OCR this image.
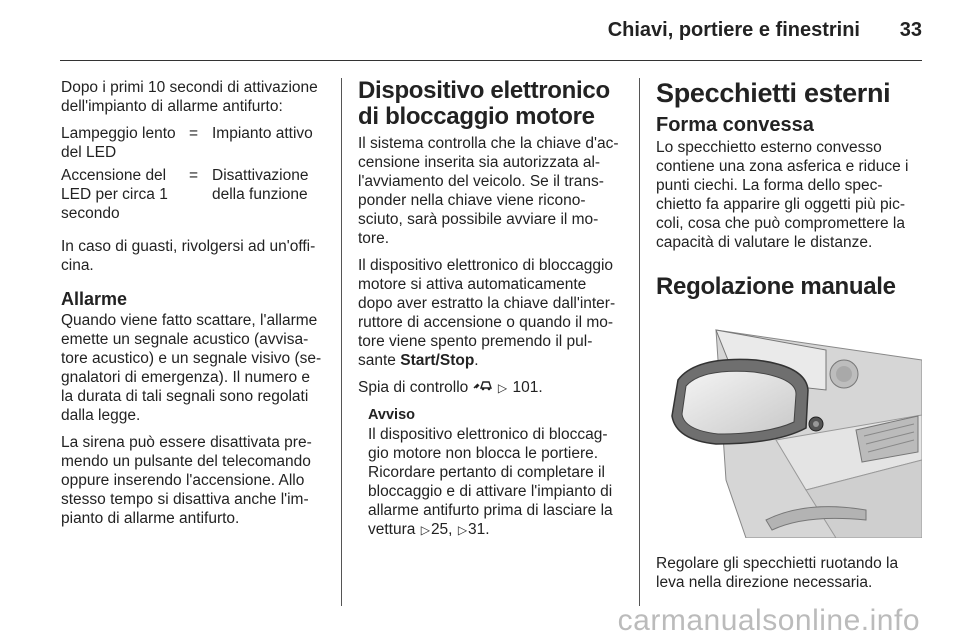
Chiavi, portiere e finestrini 33

Dopo i primi 10 secondi di attivazione dell'impianto di allarme antifurto:

Lampeggio lento del LED
= Impianto attivo
Accensione del LED per circa 1 secondo
= Disattivazione della funzione

In caso di guasti, rivolgersi ad un'offi-cina.

Allarme

Quando viene fatto scattare, l'allarme emette un segnale acustico (avvisa-tore acustico) e un segnale visivo (se-gnalatori di emergenza). Il numero e la durata di tali segnali sono regolati dalla legge.

La sirena può essere disattivata pre-mendo un pulsante del telecomando oppure inserendo l'accensione. Allo stesso tempo si disattiva anche l'im-pianto di allarme antifurto.

Dispositivo elettronico di bloccaggio motore

Il sistema controlla che la chiave d'ac-censione inserita sia autorizzata al-l'avviamento del veicolo. Se il trans-ponder nella chiave viene ricono-sciuto, sarà possibile avviare il mo-tore.

Il dispositivo elettronico di bloccaggio motore si attiva automaticamente dopo aver estratto la chiave dall'inter-ruttore di accensione o quando il mo-tore viene spento premendo il pul-sante Start/Stop.

Spia di controllo ▷ 101.

Avviso
Il dispositivo elettronico di bloccag-gio motore non blocca le portiere. Ricordare pertanto di completare il bloccaggio e di attivare l'impianto di allarme antifurto prima di lasciare la vettura ▷25, ▷31.
Specchietti esterni
Forma convessa

Lo specchietto esterno convesso contiene una zona asferica e riduce i punti ciechi. La forma dello spec-chietto fa apparire gli oggetti più pic-coli, cosa che può compromettere la capacità di valutare le distanze.

Regolazione manuale

Regolare gli specchietti ruotando la leva nella direzione necessaria.

carmanualsonline.info
